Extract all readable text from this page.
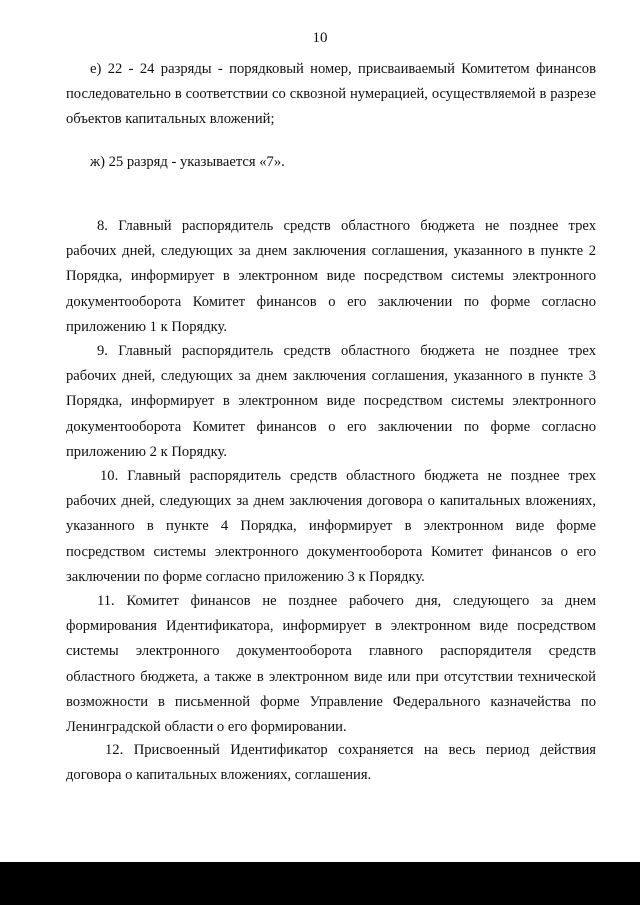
10
е) 22 - 24 разряды - порядковый номер, присваиваемый Комитетом финансов последовательно в соответствии со сквозной нумерацией, осуществляемой в разрезе объектов капитальных вложений;
ж) 25 разряд - указывается «7».
8. Главный распорядитель средств областного бюджета не позднее трех рабочих дней, следующих за днем заключения соглашения, указанного в пункте 2 Порядка, информирует в электронном виде посредством системы электронного документооборота Комитет финансов о его заключении по форме согласно приложению 1 к Порядку.
9. Главный распорядитель средств областного бюджета не позднее трех рабочих дней, следующих за днем заключения соглашения, указанного в пункте 3 Порядка, информирует в электронном виде посредством системы электронного документооборота Комитет финансов о его заключении по форме согласно приложению 2 к Порядку.
10. Главный распорядитель средств областного бюджета не позднее трех рабочих дней, следующих за днем заключения договора о капитальных вложениях, указанного в пункте 4 Порядка, информирует в электронном виде форме посредством системы электронного документооборота Комитет финансов о его заключении по форме согласно приложению 3 к Порядку.
11. Комитет финансов не позднее рабочего дня, следующего за днем формирования Идентификатора, информирует в электронном виде посредством системы электронного документооборота главного распорядителя средств областного бюджета, а также в электронном виде или при отсутствии технической возможности в письменной форме Управление Федерального казначейства по Ленинградской области о его формировании.
12. Присвоенный Идентификатор сохраняется на весь период действия договора о капитальных вложениях, соглашения.
